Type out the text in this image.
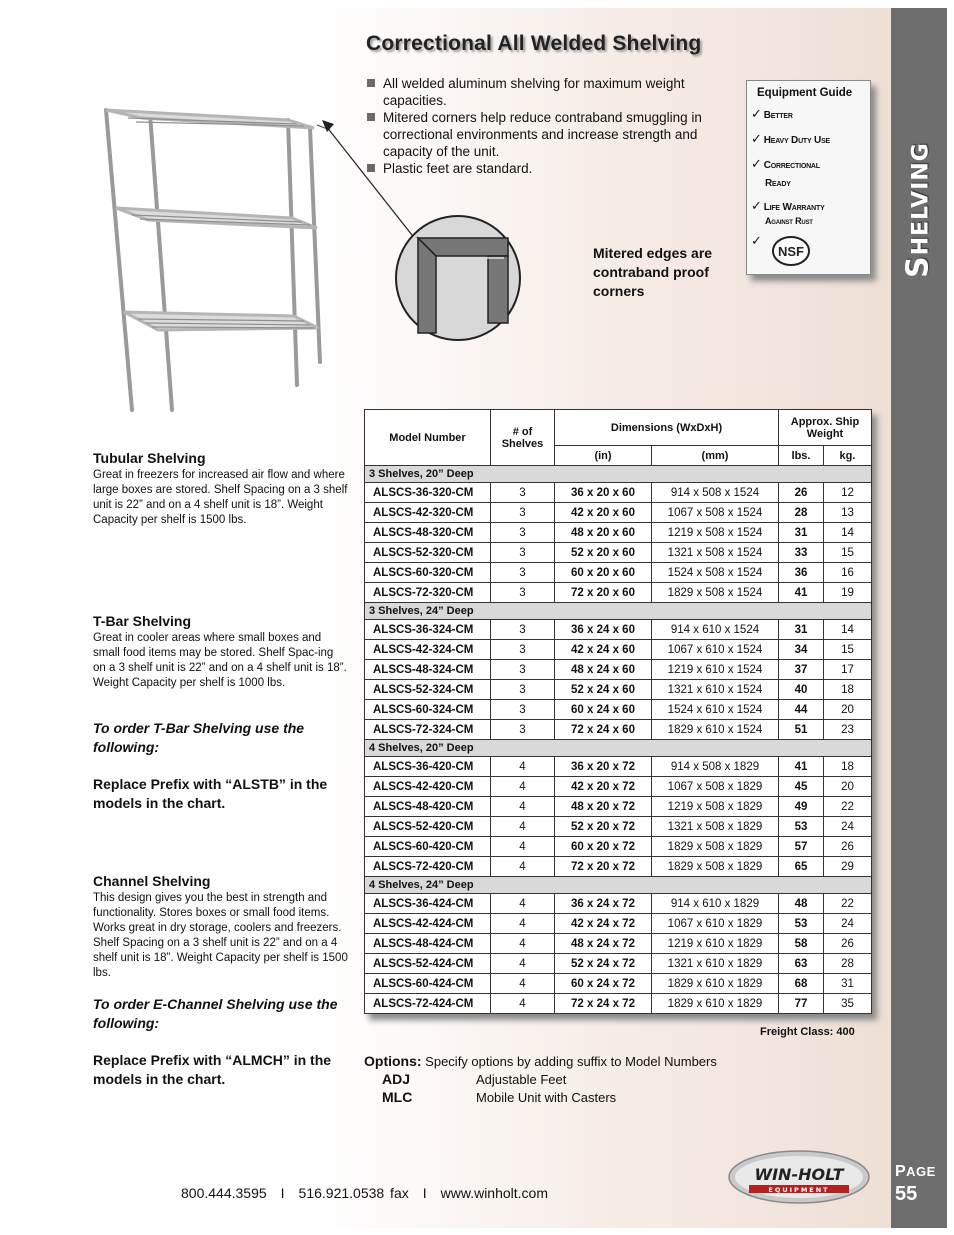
SHELVING
PAGE
55
Correctional All Welded Shelving
All welded aluminum shelving for maximum weight capacities.
Mitered corners help reduce contraband smuggling in correctional environments and increase strength and capacity of the unit.
Plastic feet are standard.
Equipment Guide
✓ Better
✓ Heavy Duty Use
✓ Correctional
Ready
✓ Life Warranty
Against Rust
✓
NSF
Mitered edges are contraband proof corners

Tubular Shelving

Great in freezers for increased air flow and where large boxes are stored. Shelf Spacing on a 3 shelf unit is 22” and on a 4 shelf unit is 18”. Weight Capacity per shelf is 1500 lbs.

T-Bar Shelving

Great in cooler areas where small boxes and small food items may be stored. Shelf Spac-ing on a 3 shelf unit is 22” and on a 4 shelf unit is 18”. Weight Capacity per shelf is 1000 lbs.

To order T-Bar Shelving use the following:

Replace Prefix with “ALSTB” in the models in the chart.

Channel Shelving

This design gives you the best in strength and functionality. Stores boxes or small food items. Works great in dry storage, coolers and freezers. Shelf Spacing on a 3 shelf unit is 22” and on a 4 shelf unit is 18”. Weight Capacity per shelf is 1500 lbs.

To order E-Channel Shelving use the following:

Replace Prefix with “ALMCH” in the models in the chart.

Model Number	# of Shelves	Dimensions (WxDxH)		Approx. Ship Weight	
		(in)	(mm)	lbs.	kg.
3 Shelves, 20” Deep					
ALSCS-36-320-CM	3	36 x 20 x 60	914 x 508 x 1524	26	12
ALSCS-42-320-CM	3	42 x 20 x 60	1067 x 508 x 1524	28	13
ALSCS-48-320-CM	3	48 x 20 x 60	1219 x 508 x 1524	31	14
ALSCS-52-320-CM	3	52 x 20 x 60	1321 x 508 x 1524	33	15
ALSCS-60-320-CM	3	60 x 20 x 60	1524 x 508 x 1524	36	16
ALSCS-72-320-CM	3	72 x 20 x 60	1829 x 508 x 1524	41	19
3 Shelves, 24” Deep					
ALSCS-36-324-CM	3	36 x 24 x 60	914 x 610 x 1524	31	14
ALSCS-42-324-CM	3	42 x 24 x 60	1067 x 610 x 1524	34	15
ALSCS-48-324-CM	3	48 x 24 x 60	1219 x 610 x 1524	37	17
ALSCS-52-324-CM	3	52 x 24 x 60	1321 x 610 x 1524	40	18
ALSCS-60-324-CM	3	60 x 24 x 60	1524 x 610 x 1524	44	20
ALSCS-72-324-CM	3	72 x 24 x 60	1829 x 610 x 1524	51	23
4 Shelves, 20” Deep					
ALSCS-36-420-CM	4	36 x 20 x 72	914 x 508 x 1829	41	18
ALSCS-42-420-CM	4	42 x 20 x 72	1067 x 508 x 1829	45	20
ALSCS-48-420-CM	4	48 x 20 x 72	1219 x 508 x 1829	49	22
ALSCS-52-420-CM	4	52 x 20 x 72	1321 x 508 x 1829	53	24
ALSCS-60-420-CM	4	60 x 20 x 72	1829 x 508 x 1829	57	26
ALSCS-72-420-CM	4	72 x 20 x 72	1829 x 508 x 1829	65	29
4 Shelves, 24” Deep					
ALSCS-36-424-CM	4	36 x 24 x 72	914 x 610 x 1829	48	22
ALSCS-42-424-CM	4	42 x 24 x 72	1067 x 610 x 1829	53	24
ALSCS-48-424-CM	4	48 x 24 x 72	1219 x 610 x 1829	58	26
ALSCS-52-424-CM	4	52 x 24 x 72	1321 x 610 x 1829	63	28
ALSCS-60-424-CM	4	60 x 24 x 72	1829 x 610 x 1829	68	31
ALSCS-72-424-CM	4	72 x 24 x 72	1829 x 610 x 1829	77	35
Freight Class: 400
Options: Specify options by adding suffix to Model Numbers
ADJ	Adjustable Feet
MLC	Mobile Unit with Casters
800.444.3595 I 516.921.0538 fax I www.winholt.com
WIN-HOLT
EQUIPMENT
